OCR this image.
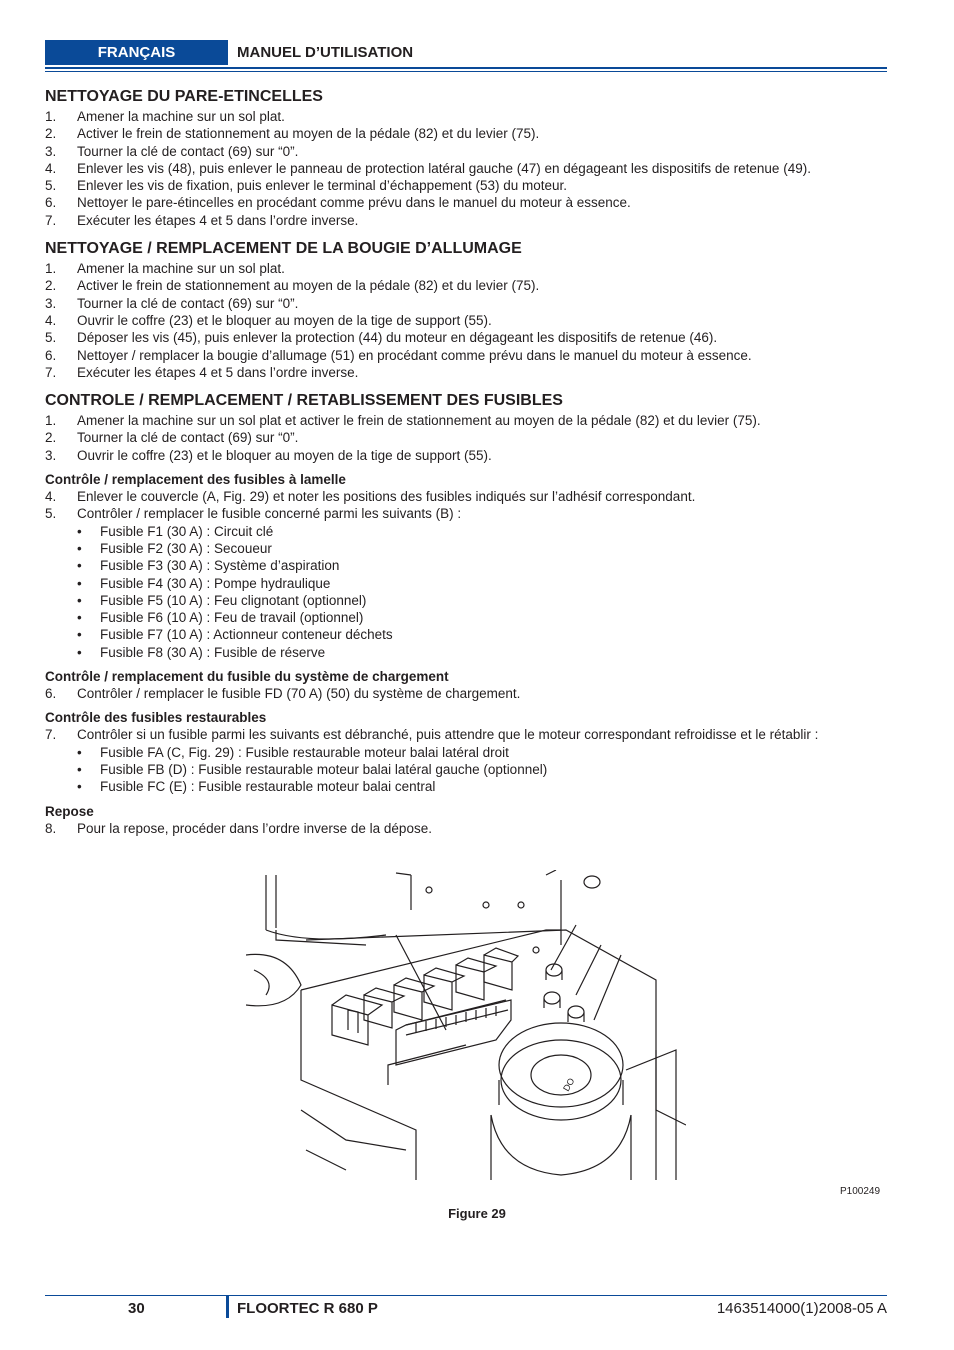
FRANÇAIS	MANUEL D’UTILISATION
NETTOYAGE DU PARE-ETINCELLES
1.	Amener la machine sur un sol plat.
2.	Activer le frein de stationnement au moyen de la pédale (82) et du levier (75).
3.	Tourner la clé de contact (69) sur “0”.
4.	Enlever les vis (48), puis enlever le panneau de protection latéral gauche (47) en dégageant les dispositifs de retenue (49).
5.	Enlever les vis de fixation, puis enlever le terminal d’échappement (53) du moteur.
6.	Nettoyer le pare-étincelles en procédant comme prévu dans le manuel du moteur à essence.
7.	Exécuter les étapes 4 et 5 dans l’ordre inverse.
NETTOYAGE / REMPLACEMENT DE LA BOUGIE D’ALLUMAGE
1.	Amener la machine sur un sol plat.
2.	Activer le frein de stationnement au moyen de la pédale (82) et du levier (75).
3.	Tourner la clé de contact (69) sur “0”.
4.	Ouvrir le coffre (23) et le bloquer au moyen de la tige de support (55).
5.	Déposer les vis (45), puis enlever la protection (44) du moteur en dégageant les dispositifs de retenue (46).
6.	Nettoyer / remplacer la bougie d’allumage (51) en procédant comme prévu dans le manuel du moteur à essence.
7.	Exécuter les étapes 4 et 5 dans l’ordre inverse.
CONTROLE / REMPLACEMENT / RETABLISSEMENT DES FUSIBLES
1.	Amener la machine sur un sol plat et activer le frein de stationnement au moyen de la pédale (82) et du levier (75).
2.	Tourner la clé de contact (69) sur “0”.
3.	Ouvrir le coffre (23) et le bloquer au moyen de la tige de support (55).
Contrôle / remplacement des fusibles à lamelle
4.	Enlever le couvercle (A, Fig. 29) et noter les positions des fusibles indiqués sur l’adhésif correspondant.
5.	Contrôler / remplacer le fusible concerné parmi les suivants (B) :
•	Fusible F1 (30 A) : Circuit clé
•	Fusible F2 (30 A) : Secoueur
•	Fusible F3 (30 A) : Système d’aspiration
•	Fusible F4 (30 A) : Pompe hydraulique
•	Fusible F5 (10 A) : Feu clignotant (optionnel)
•	Fusible F6 (10 A) : Feu de travail (optionnel)
•	Fusible F7 (10 A) : Actionneur conteneur déchets
•	Fusible F8 (30 A) : Fusible de réserve
Contrôle / remplacement du fusible du système de chargement
6.	Contrôler / remplacer le fusible FD (70 A) (50) du système de chargement.
Contrôle des fusibles restaurables
7.	Contrôler si un fusible parmi les suivants est débranché, puis attendre que le moteur correspondant refroidisse et le rétablir :
•	Fusible FA (C, Fig. 29) : Fusible restaurable moteur balai latéral droit
•	Fusible FB (D) : Fusible restaurable moteur balai latéral gauche (optionnel)
•	Fusible FC (E) : Fusible restaurable moteur balai central
Repose
8.	Pour la repose, procéder dans l’ordre inverse de la dépose.
DO
P100249
Figure 29
30	FLOORTEC R 680 P	1463514000(1)2008-05 A
